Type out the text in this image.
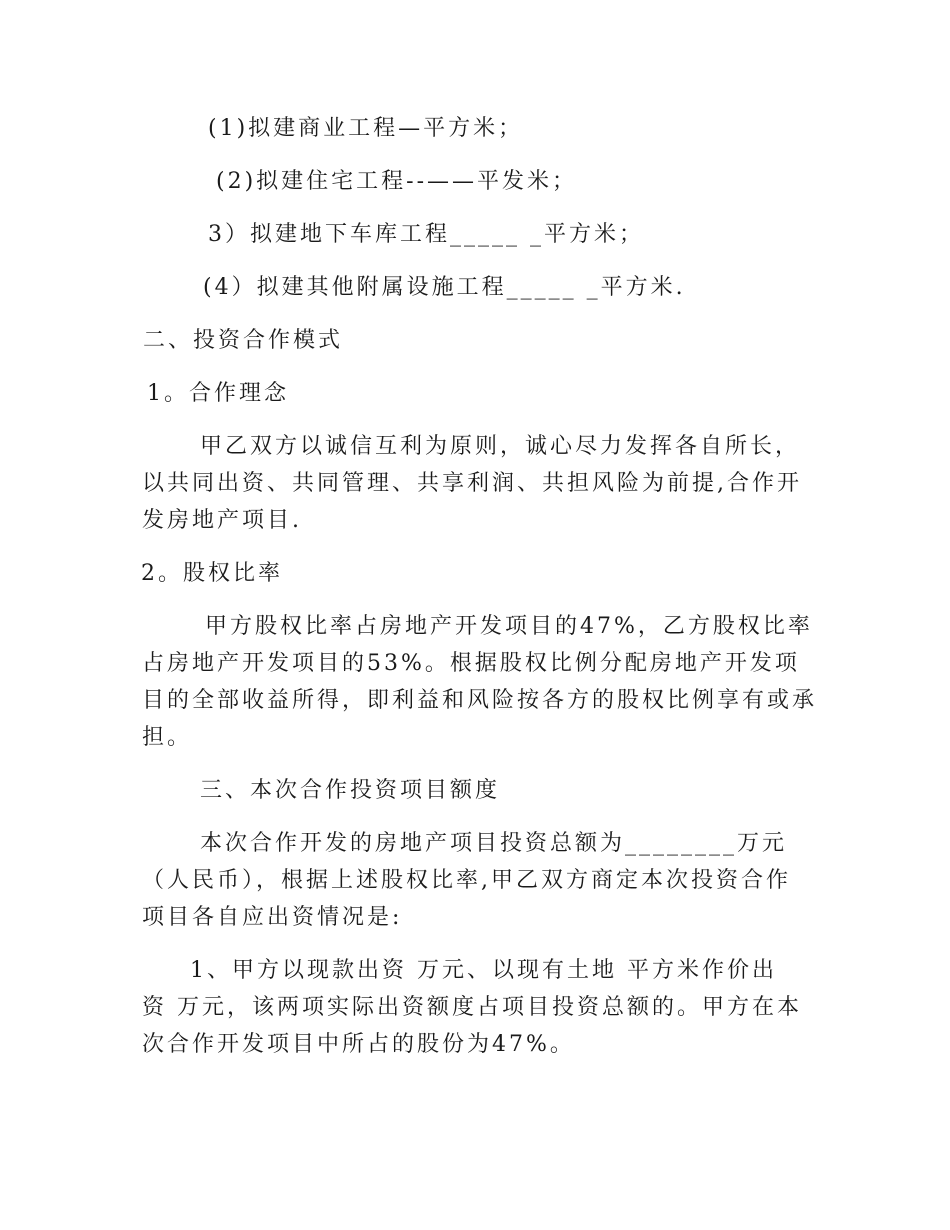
(1)拟建商业工程—平方米；
(2)拟建住宅工程--——平发米；
3）拟建地下车库工程_____ _平方米；
(4）拟建其他附属设施工程_____ _平方米.
二、投资合作模式
1。合作理念
甲乙双方以诚信互利为原则，诚心尽力发挥各自所长，
以共同出资、共同管理、共享利润、共担风险为前提,合作开
发房地产项目.
2。股权比率
甲方股权比率占房地产开发项目的47%，乙方股权比率
占房地产开发项目的53%。根据股权比例分配房地产开发项
目的全部收益所得，即利益和风险按各方的股权比例享有或承
担。
三、本次合作投资项目额度
本次合作开发的房地产项目投资总额为________万元
（人民币），根据上述股权比率,甲乙双方商定本次投资合作
项目各自应出资情况是:
1、甲方以现款出资 万元、以现有土地 平方米作价出
资 万元，该两项实际出资额度占项目投资总额的。甲方在本
次合作开发项目中所占的股份为47%。
